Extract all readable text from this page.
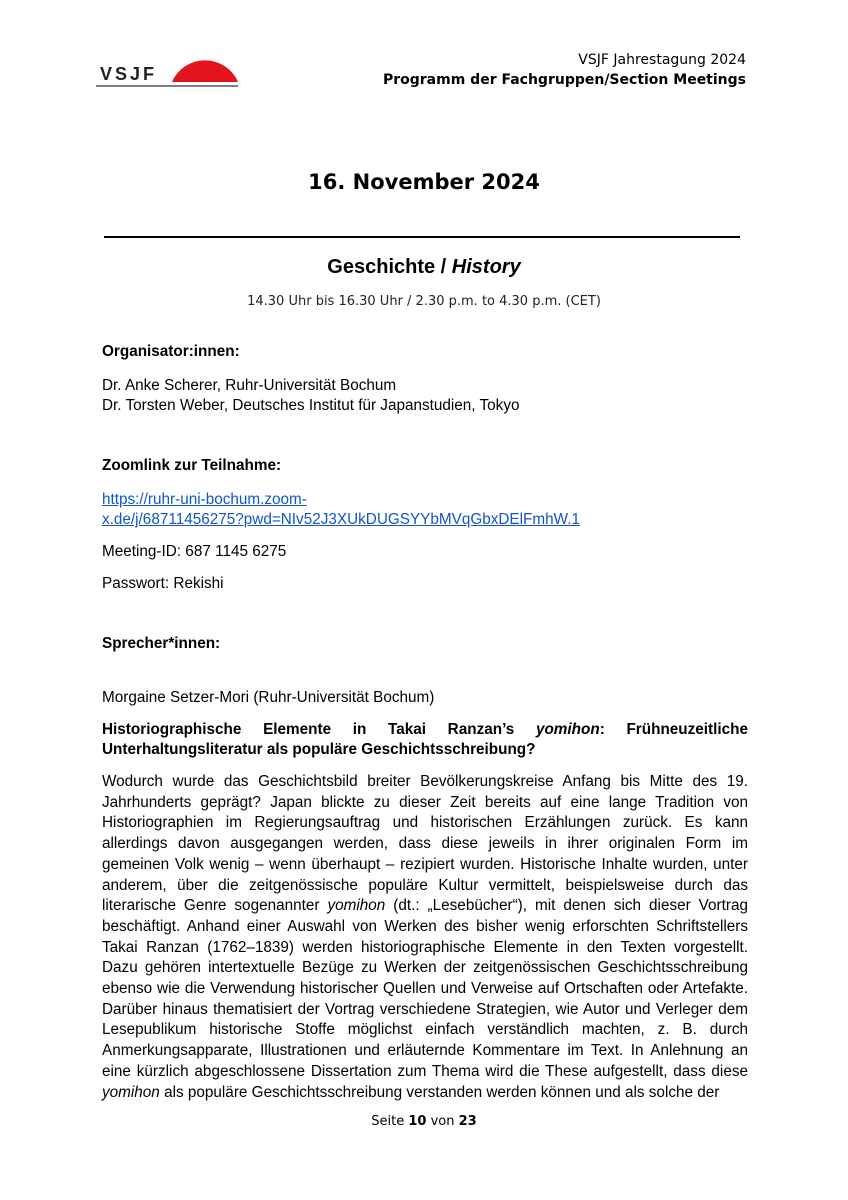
VSJF
VSJF Jahrestagung 2024
Programm der Fachgruppen/Section Meetings
16. November 2024
Geschichte / History
14.30 Uhr bis 16.30 Uhr / 2.30 p.m. to 4.30 p.m. (CET)

Organisator:innen:

Dr. Anke Scherer, Ruhr-Universität Bochum

Dr. Torsten Weber, Deutsches Institut für Japanstudien, Tokyo

Zoomlink zur Teilnahme:

https://ruhr-uni-bochum.zoom-
x.de/j/68711456275?pwd=NIv52J3XUkDUGSYYbMVqGbxDElFmhW.1

Meeting-ID: 687 1145 6275

Passwort: Rekishi

Sprecher*innen:

Morgaine Setzer-Mori (Ruhr-Universität Bochum)

Historiographische Elemente in Takai Ranzan’s yomihon: Frühneuzeitliche Unterhaltungsliteratur als populäre Geschichtsschreibung?

Wodurch wurde das Geschichtsbild breiter Bevölkerungskreise Anfang bis Mitte des 19. Jahrhunderts geprägt? Japan blickte zu dieser Zeit bereits auf eine lange Tradition von Historiographien im Regierungsauftrag und historischen Erzählungen zurück. Es kann allerdings davon ausgegangen werden, dass diese jeweils in ihrer originalen Form im gemeinen Volk wenig – wenn überhaupt – rezipiert wurden. Historische Inhalte wurden, unter anderem, über die zeitgenössische populäre Kultur vermittelt, beispielsweise durch das literarische Genre sogenannter yomihon (dt.: „Lesebücher“), mit denen sich dieser Vortrag beschäftigt. Anhand einer Auswahl von Werken des bisher wenig erforschten Schriftstellers Takai Ranzan (1762–1839) werden historiographische Elemente in den Texten vorgestellt. Dazu gehören intertextuelle Bezüge zu Werken der zeitgenössischen Geschichtsschreibung ebenso wie die Verwendung historischer Quellen und Verweise auf Ortschaften oder Artefakte. Darüber hinaus thematisiert der Vortrag verschiedene Strategien, wie Autor und Verleger dem Lesepublikum historische Stoffe möglichst einfach verständlich machten, z. B. durch Anmerkungsapparate, Illustrationen und erläuternde Kommentare im Text. In Anlehnung an eine kürzlich abgeschlossene Dissertation zum Thema wird die These aufgestellt, dass diese yomihon als populäre Geschichtsschreibung verstanden werden können und als solche der

Seite 10 von 23
